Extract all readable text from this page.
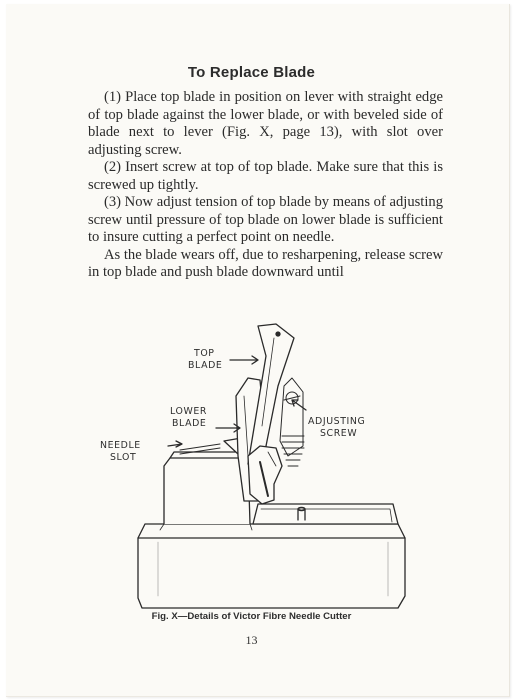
To Replace Blade

(1) Place top blade in position on lever with straight edge of top blade against the lower blade, or with beveled side of blade next to lever (Fig. X, page 13), with slot over adjusting screw.

(2) Insert screw at top of top blade. Make sure that this is screwed up tightly.

(3) Now adjust tension of top blade by means of adjusting screw until pressure of top blade on lower blade is sufficient to insure cutting a perfect point on needle.

As the blade wears off, due to resharpening, release screw in top blade and push blade downward until

TOP
BLADE
LOWER
BLADE	ADJUSTING
SCREW
NEEDLE
SLOT
Fig. X—Details of Victor Fibre Needle Cutter
13
